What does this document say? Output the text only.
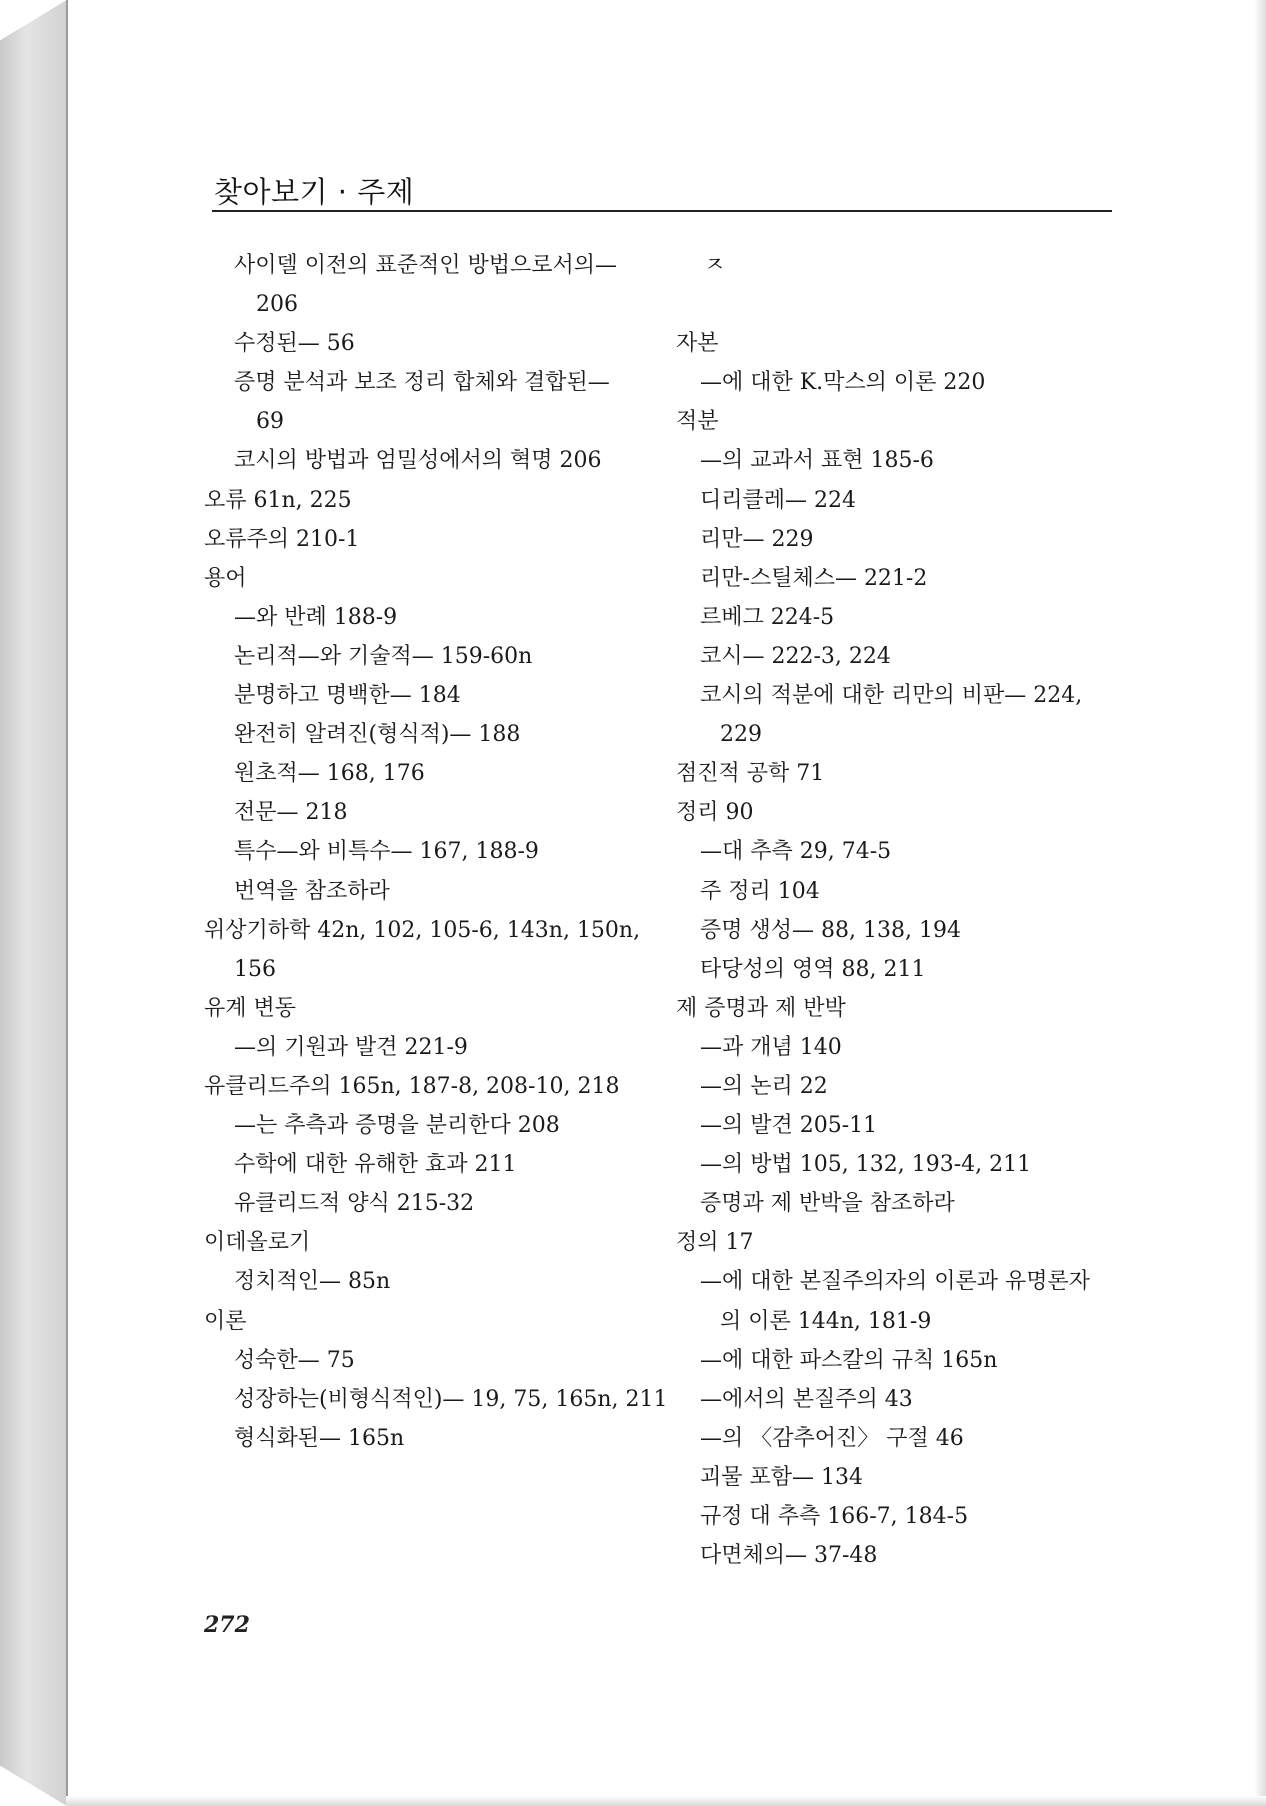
찾아보기 · 주제
사이델 이전의 표준적인 방법으로서의—
206
수정된— 56
증명 분석과 보조 정리 합체와 결합된—
69
코시의 방법과 엄밀성에서의 혁명 206
오류 61n, 225
오류주의 210-1
용어
—와 반례 188-9
논리적—와 기술적— 159-60n
분명하고 명백한— 184
완전히 알려진(형식적)— 188
원초적— 168, 176
전문— 218
특수—와 비특수— 167, 188-9
번역을 참조하라
위상기하학 42n, 102, 105-6, 143n, 150n,
156
유계 변동
—의 기원과 발견 221-9
유클리드주의 165n, 187-8, 208-10, 218
—는 추측과 증명을 분리한다 208
수학에 대한 유해한 효과 211
유클리드적 양식 215-32
이데올로기
정치적인— 85n
이론
성숙한— 75
성장하는(비형식적인)— 19, 75, 165n, 211
형식화된— 165n
ㅈ
자본
—에 대한 K.막스의 이론 220
적분
—의 교과서 표현 185-6
디리클레— 224
리만— 229
리만-스틸체스— 221-2
르베그 224-5
코시— 222-3, 224
코시의 적분에 대한 리만의 비판— 224,
229
점진적 공학 71
정리 90
—대 추측 29, 74-5
주 정리 104
증명 생성— 88, 138, 194
타당성의 영역 88, 211
제 증명과 제 반박
—과 개념 140
—의 논리 22
—의 발견 205-11
—의 방법 105, 132, 193-4, 211
증명과 제 반박을 참조하라
정의 17
—에 대한 본질주의자의 이론과 유명론자
의 이론 144n, 181-9
—에 대한 파스칼의 규칙 165n
—에서의 본질주의 43
—의 〈감추어진〉 구절 46
괴물 포함— 134
규정 대 추측 166-7, 184-5
다면체의— 37-48
272
